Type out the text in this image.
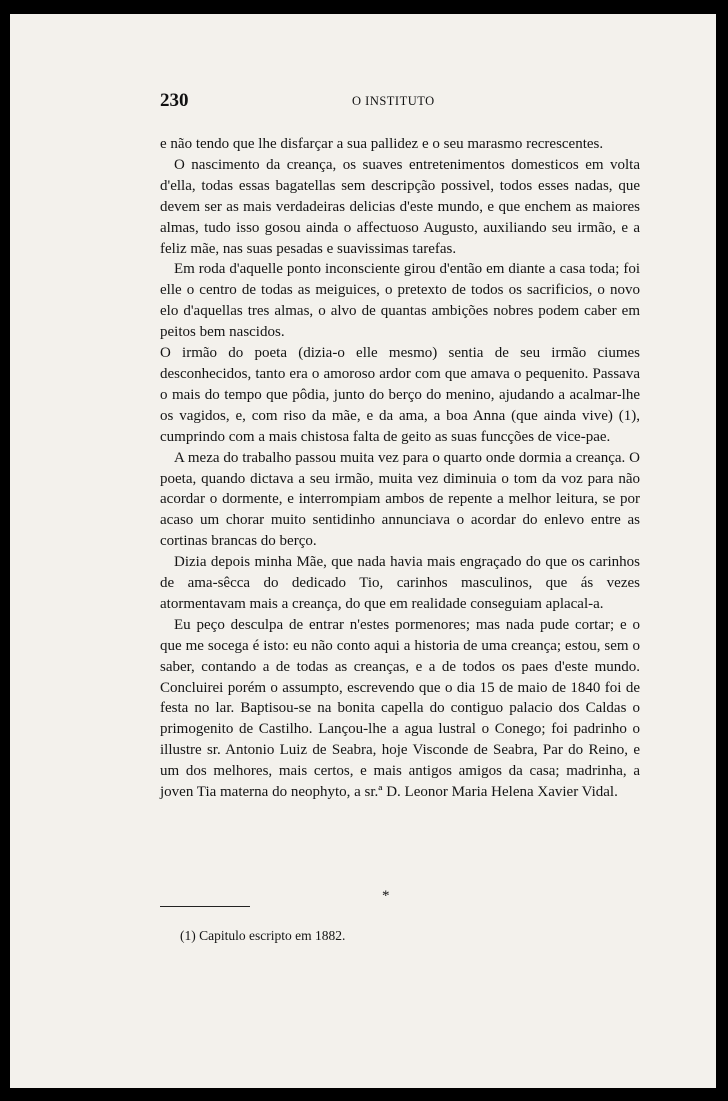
230	O INSTITUTO

e não tendo que lhe disfarçar a sua pallidez e o seu marasmo recrescentes.

O nascimento da creança, os suaves entretenimentos domesticos em volta d'ella, todas essas bagatellas sem descripção possivel, todos esses nadas, que devem ser as mais verdadeiras delicias d'este mundo, e que enchem as maiores almas, tudo isso gosou ainda o affectuoso Augusto, auxiliando seu irmão, e a feliz mãe, nas suas pesadas e suavissimas tarefas.

Em roda d'aquelle ponto inconsciente girou d'então em diante a casa toda; foi elle o centro de todas as meiguices, o pretexto de todos os sacrificios, o novo elo d'aquellas tres almas, o alvo de quantas ambições nobres podem caber em peitos bem nascidos.

O irmão do poeta (dizia-o elle mesmo) sentia de seu irmão ciumes desconhecidos, tanto era o amoroso ardor com que amava o pequenito. Passava o mais do tempo que pôdia, junto do berço do menino, ajudando a acalmar-lhe os vagidos, e, com riso da mãe, e da ama, a boa Anna (que ainda vive) (1), cumprindo com a mais chistosa falta de geito as suas funcções de vice-pae.

A meza do trabalho passou muita vez para o quarto onde dormia a creança. O poeta, quando dictava a seu irmão, muita vez diminuia o tom da voz para não acordar o dormente, e interrompiam ambos de repente a melhor leitura, se por acaso um chorar muito sentidinho annunciava o acordar do enlevo entre as cortinas brancas do berço.

Dizia depois minha Mãe, que nada havia mais engraçado do que os carinhos de ama-sêcca do dedicado Tio, carinhos masculinos, que ás vezes atormentavam mais a creança, do que em realidade conseguiam aplacal-a.

Eu peço desculpa de entrar n'estes pormenores; mas nada pude cortar; e o que me socega é isto: eu não conto aqui a historia de uma creança; estou, sem o saber, contando a de todas as creanças, e a de todos os paes d'este mundo. Concluirei porém o assumpto, escrevendo que o dia 15 de maio de 1840 foi de festa no lar. Baptisou-se na bonita capella do contiguo palacio dos Caldas o primogenito de Castilho. Lançou-lhe a agua lustral o Conego; foi padrinho o illustre sr. Antonio Luiz de Seabra, hoje Visconde de Seabra, Par do Reino, e um dos melhores, mais certos, e mais antigos amigos da casa; madrinha, a joven Tia materna do neophyto, a sr.ª D. Leonor Maria Helena Xavier Vidal.

*
(1) Capitulo escripto em 1882.
